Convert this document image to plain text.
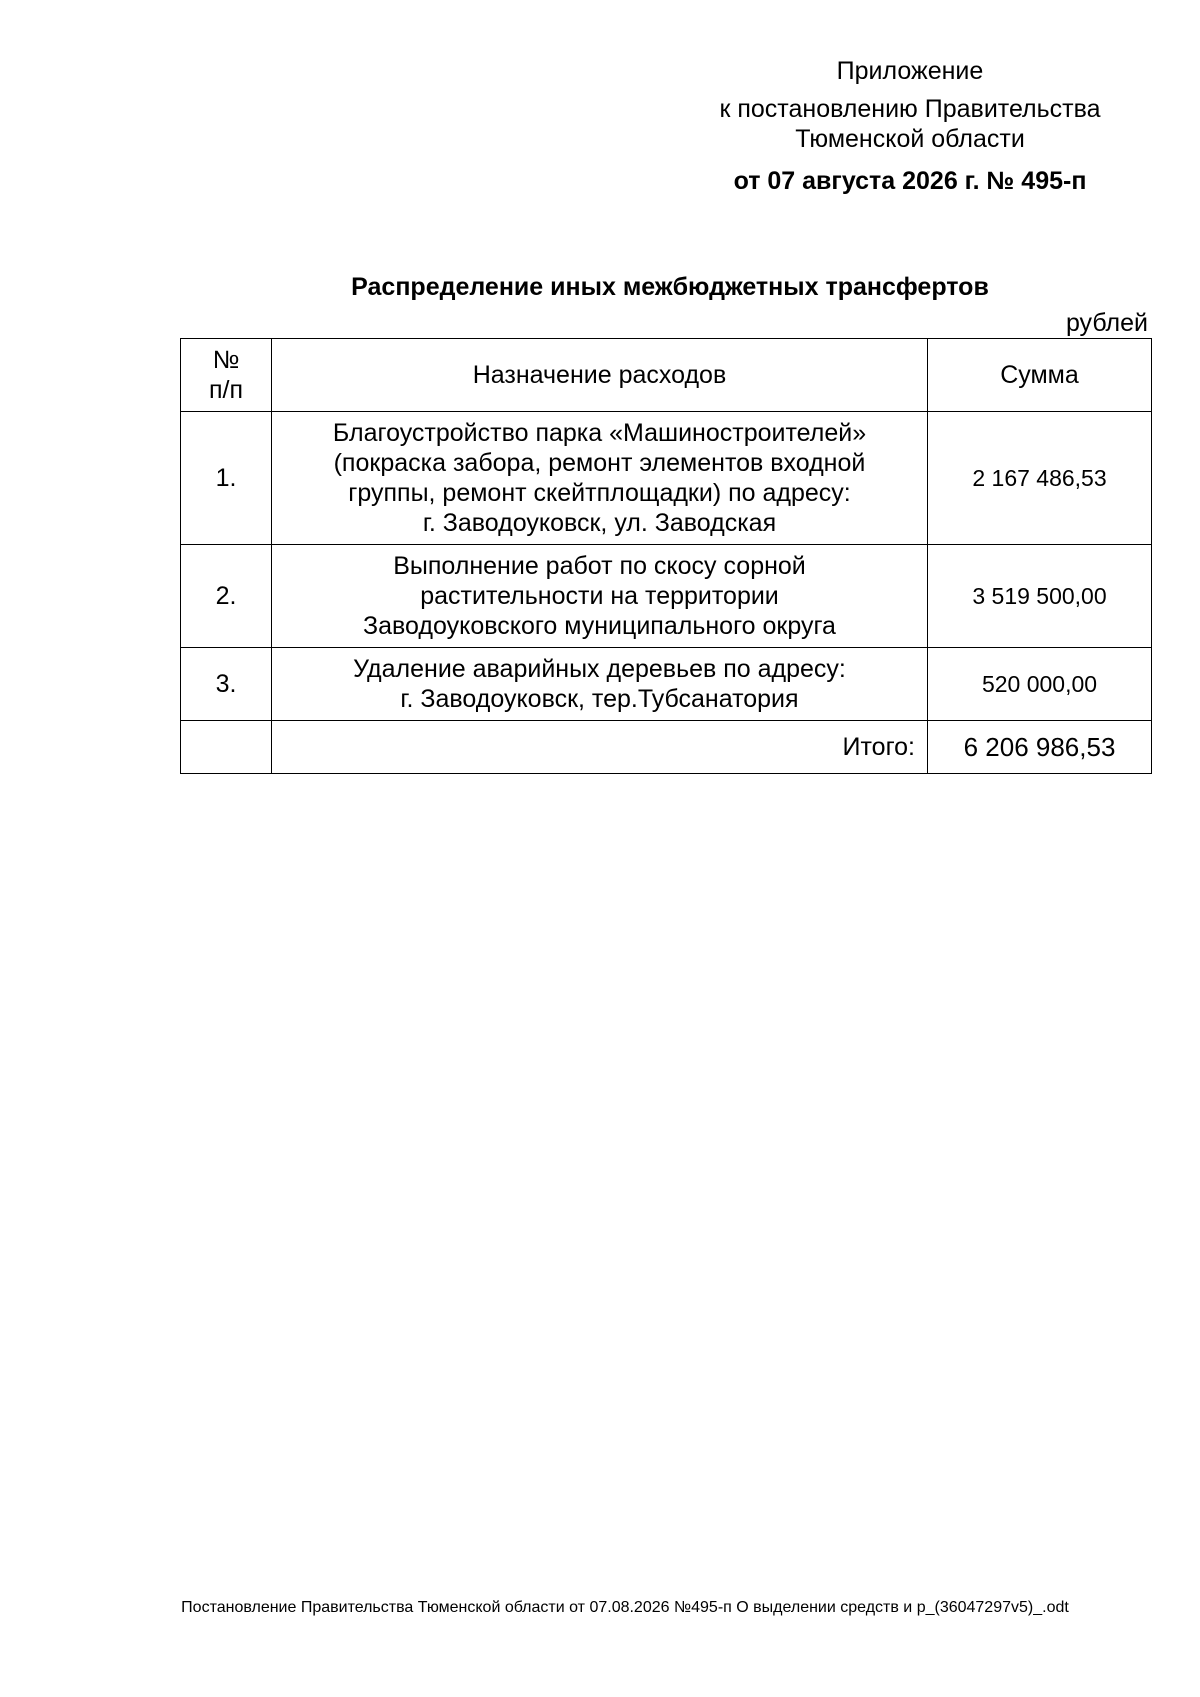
Приложение
к постановлению Правительства
Тюменской области
от 07 августа 2026 г. № 495-п
Распределение иных межбюджетных трансфертов
рублей
№
п/п	Назначение расходов	Сумма
1.	Благоустройство парка «Машиностроителей»
(покраска забора, ремонт элементов входной
группы, ремонт скейтплощадки) по адресу:
г. Заводоуковск, ул. Заводская	2 167 486,53
2.	Выполнение работ по скосу сорной
растительности на территории
Заводоуковского муниципального округа	3 519 500,00
3.	Удаление аварийных деревьев по адресу:
г. Заводоуковск, тер.Тубсанатория	520 000,00
	Итого:	6 206 986,53
Постановление Правительства Тюменской области от 07.08.2026 №495-п О выделении средств и р_(36047297v5)_.odt
